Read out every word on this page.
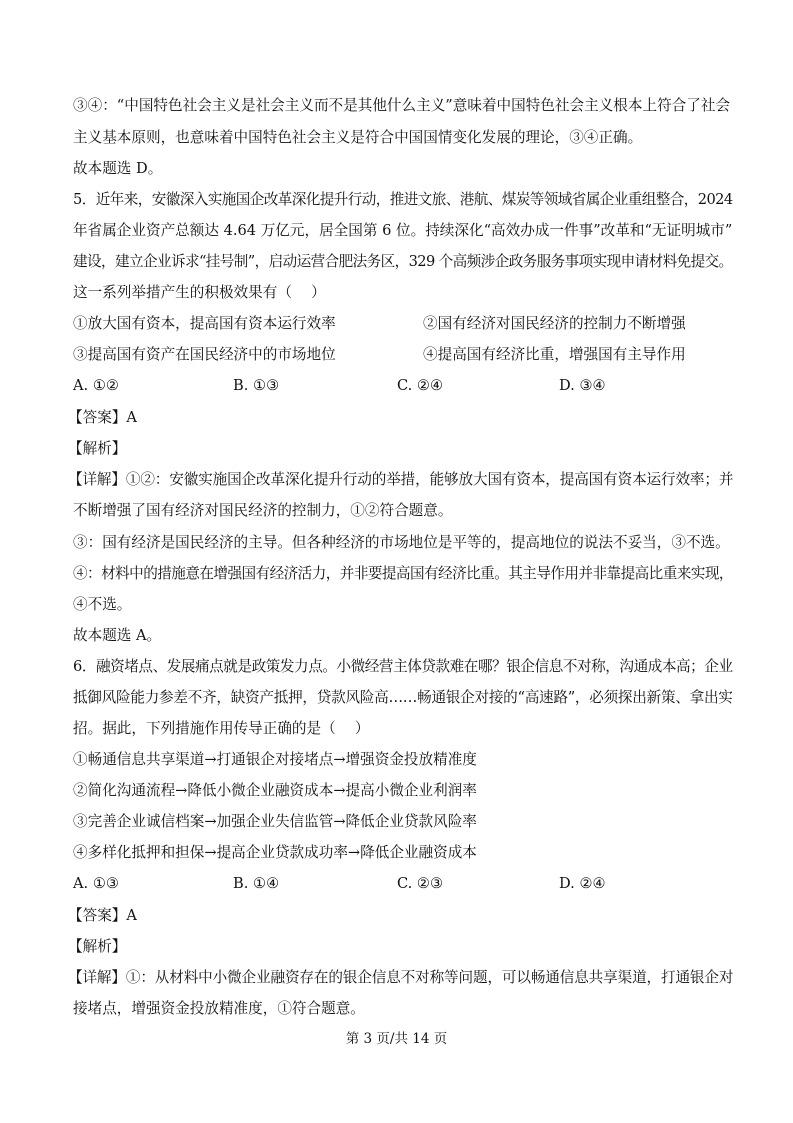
③④：“中国特色社会主义是社会主义而不是其他什么主义”意味着中国特色社会主义根本上符合了社会
主义基本原则，也意味着中国特色社会主义是符合中国国情变化发展的理论，③④正确。
故本题选 D。
5．近年来，安徽深入实施国企改革深化提升行动，推进文旅、港航、煤炭等领域省属企业重组整合，2024
年省属企业资产总额达 4.64 万亿元，居全国第 6 位。持续深化“高效办成一件事”改革和“无证明城市”
建设，建立企业诉求“挂号制”，启动运营合肥法务区，329 个高频涉企政务服务事项实现申请材料免提交。
这一系列举措产生的积极效果有（　 ）
①放大国有资本，提高国有资本运行效率	②国有经济对国民经济的控制力不断增强
③提高国有资产在国民经济中的市场地位	④提高国有经济比重，增强国有主导作用
A. ①②	B. ①③	C. ②④	D. ③④
【答案】A
【解析】
【详解】①②：安徽实施国企改革深化提升行动的举措，能够放大国有资本，提高国有资本运行效率；并
不断增强了国有经济对国民经济的控制力，①②符合题意。
③：国有经济是国民经济的主导。但各种经济的市场地位是平等的，提高地位的说法不妥当，③不选。
④：材料中的措施意在增强国有经济活力，并非要提高国有经济比重。其主导作用并非靠提高比重来实现，
④不选。
故本题选 A。
6．融资堵点、发展痛点就是政策发力点。小微经营主体贷款难在哪？银企信息不对称，沟通成本高；企业
抵御风险能力参差不齐，缺资产抵押，贷款风险高……畅通银企对接的“高速路”，必须探出新策、拿出实
招。据此，下列措施作用传导正确的是（　 ）
①畅通信息共享渠道→打通银企对接堵点→增强资金投放精准度
②简化沟通流程→降低小微企业融资成本→提高小微企业利润率
③完善企业诚信档案→加强企业失信监管→降低企业贷款风险率
④多样化抵押和担保→提高企业贷款成功率→降低企业融资成本
A. ①③	B. ①④	C. ②③	D. ②④
【答案】A
【解析】
【详解】①：从材料中小微企业融资存在的银企信息不对称等问题，可以畅通信息共享渠道，打通银企对
接堵点，增强资金投放精准度，①符合题意。
第 3 页/共 14 页
